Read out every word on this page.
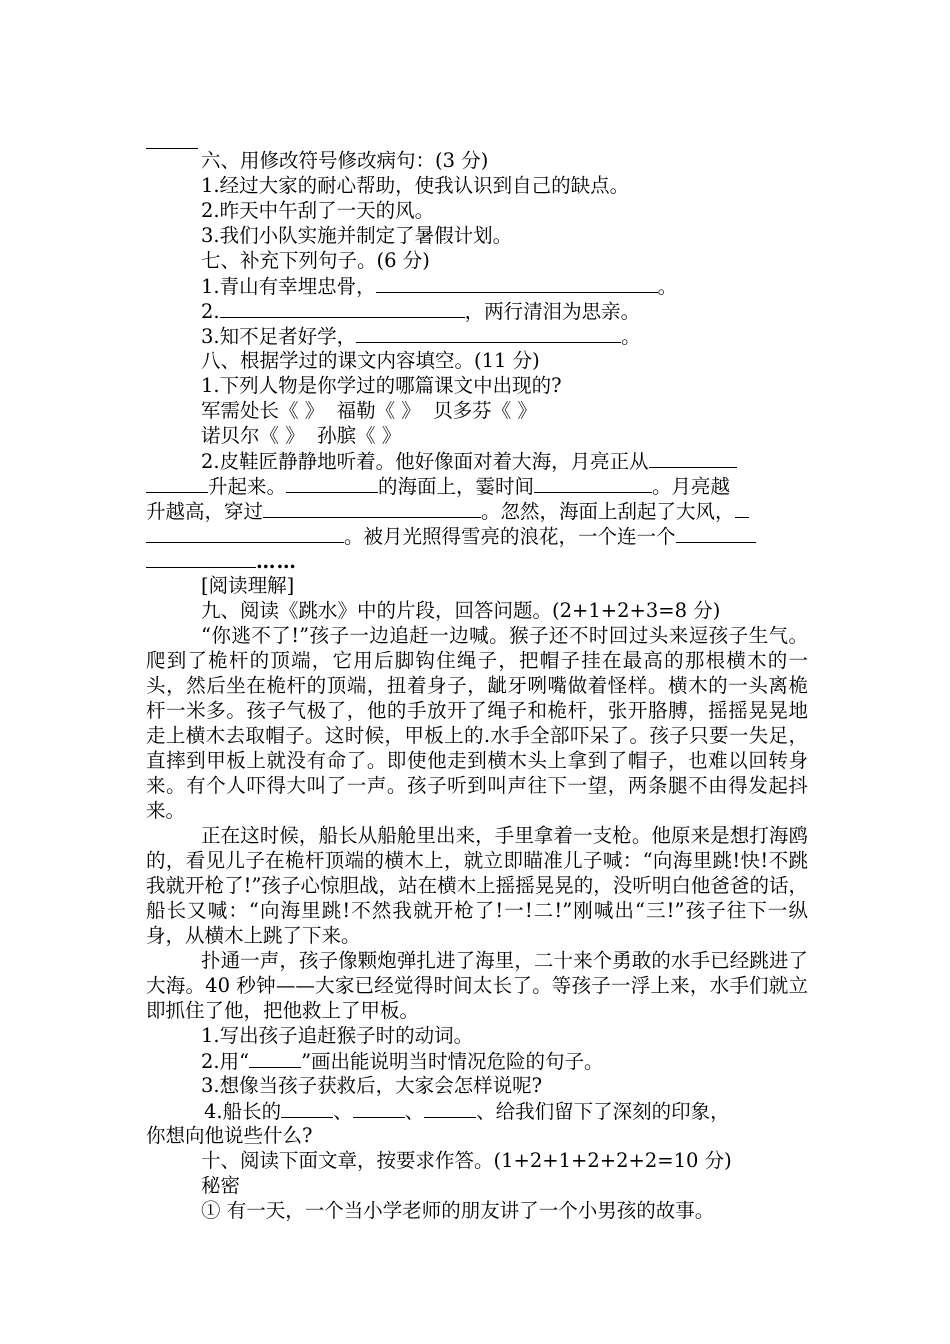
六、用修改符号修改病句：(3 分)
1.经过大家的耐心帮助，使我认识到自己的缺点。
2.昨天中午刮了一天的风。
3.我们小队实施并制定了暑假计划。
七、补充下列句子。(6 分)
1.青山有幸埋忠骨，	。
2.	，两行清泪为思亲。
3.知不足者好学，	。
八、根据学过的课文内容填空。(11 分)
1.下列人物是你学过的哪篇课文中出现的?
军需处长《 》  福勒《 》  贝多芬《 》
诺贝尔《 》  孙膑《 》
2.皮鞋匠静静地听着。他好像面对着大海，月亮正从
升起来。	的海面上，霎时间	。月亮越
升越高，穿过	。忽然，海面上刮起了大风，
。被月光照得雪亮的浪花，一个连一个
……
[阅读理解]
九、阅读《跳水》中的片段，回答问题。(2+1+2+3=8 分)
“你逃不了!”孩子一边追赶一边喊。猴子还不时回过头来逗孩子生气。爬到了桅杆的顶端，它用后脚钩住绳子，把帽子挂在最高的那根横木的一头，然后坐在桅杆的顶端，扭着身子，龇牙咧嘴做着怪样。横木的一头离桅杆一米多。孩子气极了，他的手放开了绳子和桅杆，张开胳膊，摇摇晃晃地走上横木去取帽子。这时候，甲板上的.水手全部吓呆了。孩子只要一失足，直摔到甲板上就没有命了。即使他走到横木头上拿到了帽子，也难以回转身来。有个人吓得大叫了一声。孩子听到叫声往下一望，两条腿不由得发起抖来。
正在这时候，船长从船舱里出来，手里拿着一支枪。他原来是想打海鸥的，看见儿子在桅杆顶端的横木上，就立即瞄准儿子喊：“向海里跳!快!不跳我就开枪了!”孩子心惊胆战，站在横木上摇摇晃晃的，没听明白他爸爸的话，船长又喊：“向海里跳!不然我就开枪了!一!二!”刚喊出“三!”孩子往下一纵身，从横木上跳了下来。
扑通一声，孩子像颗炮弹扎进了海里，二十来个勇敢的水手已经跳进了大海。40 秒钟——大家已经觉得时间太长了。等孩子一浮上来，水手们就立即抓住了他，把他救上了甲板。
1.写出孩子追赶猴子时的动词。
2.用“	”画出能说明当时情况危险的句子。
3.想像当孩子获救后，大家会怎样说呢?
4.船长的	、	、	、给我们留下了深刻的印象，
你想向他说些什么?
十、阅读下面文章，按要求作答。(1+2+1+2+2+2=10 分)
秘密
① 有一天，一个当小学老师的朋友讲了一个小男孩的故事。
